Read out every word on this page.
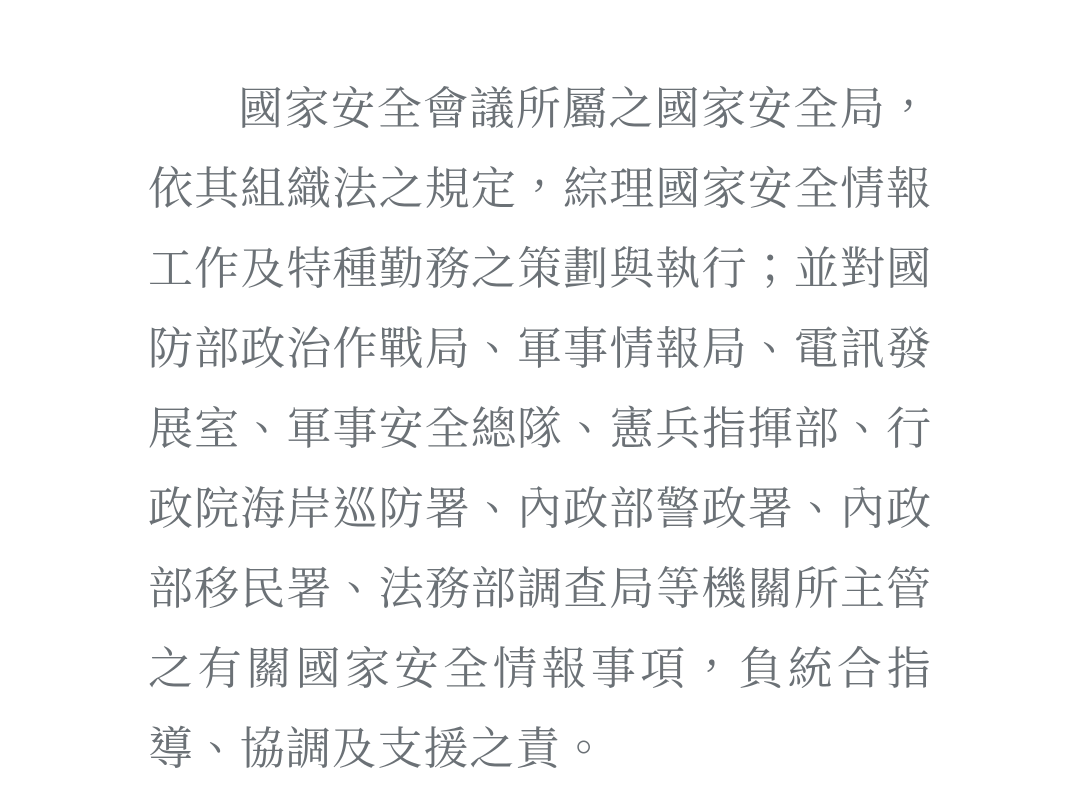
國家安全會議所屬之國家安全局，依其組織法之規定，綜理國家安全情報工作及特種勤務之策劃與執行；並對國防部政治作戰局、軍事情報局、電訊發展室、軍事安全總隊、憲兵指揮部、行政院海岸巡防署、內政部警政署、內政部移民署、法務部調查局等機關所主管之有關國家安全情報事項，負統合指導、協調及支援之責。
